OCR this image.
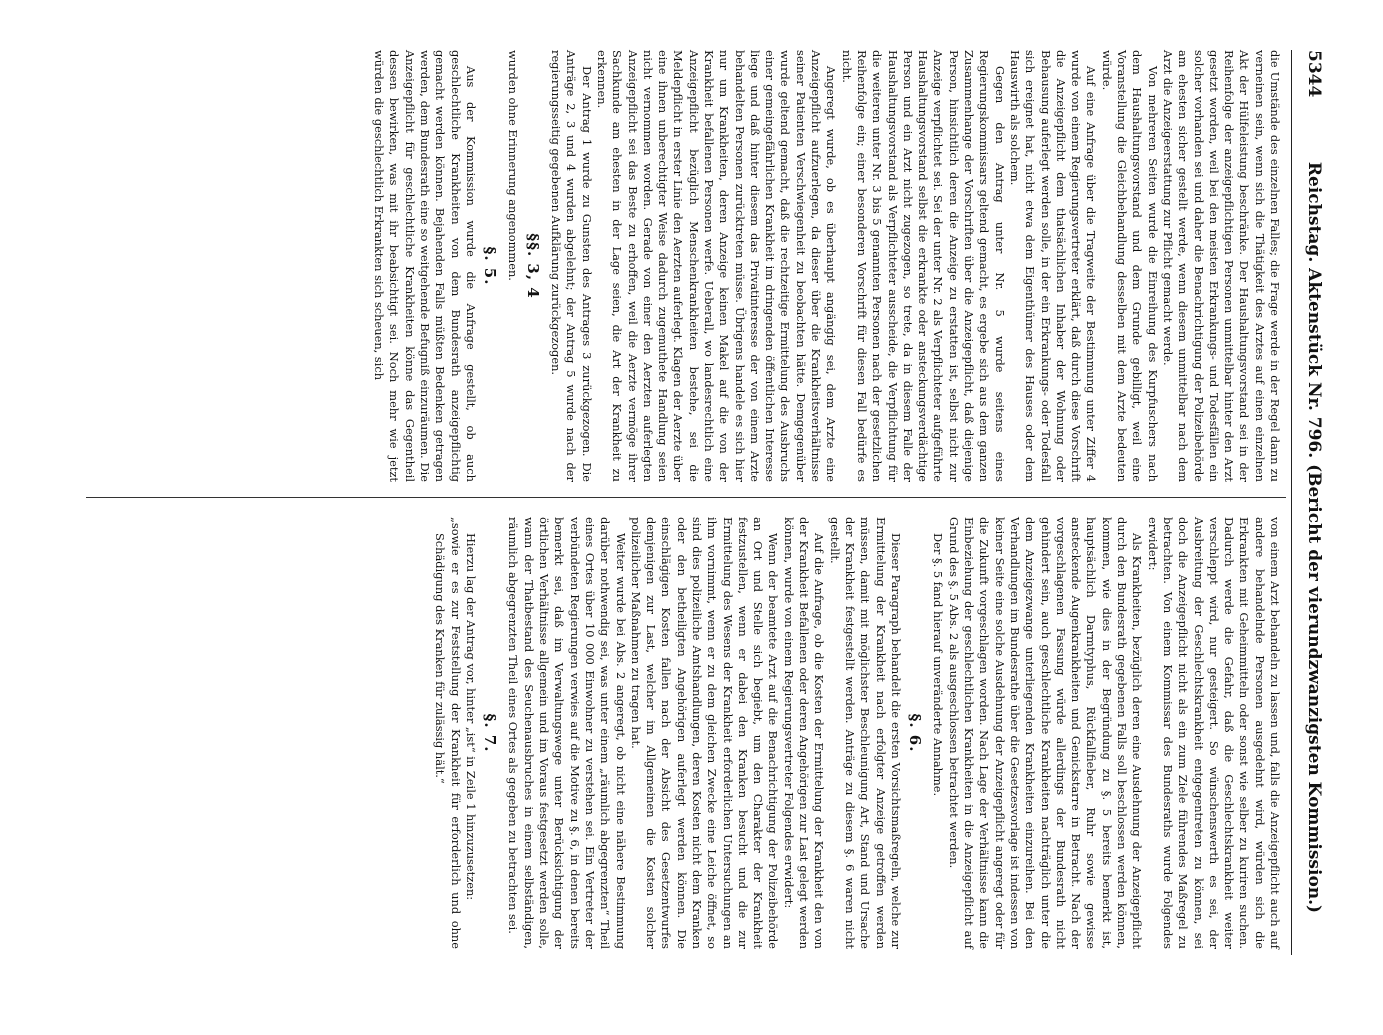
5344
Reichstag. Aktenstück Nr. 796. (Bericht der vierundzwanzigsten Kommission.)

die Umstände des einzelnen Falles; die Frage werde in der Regel dann zu verneinen sein, wenn sich die Thätigkeit des Arztes auf einen einzelnen Akt der Hülfeleistung beschränke. Der Haushaltungsvorstand sei in der Reihenfolge der anzeigepflichtigen Personen unmittelbar hinter den Arzt gesetzt worden, weil bei den meisten Erkrankungs- und Todesfällen ein solcher vorhanden sei und daher die Benachrichtigung der Polizeibehörde am ehesten sicher gestellt werde, wenn diesem unmittelbar nach dem Arzt die Anzeigeerstattung zur Pflicht gemacht werde.

Von mehreren Seiten wurde die Einreihung des Kurpfuschers nach dem Haushaltungsvorstand und dem Grunde gebilligt, weil eine Voranstellung die Gleichbehandlung desselben mit dem Arzte bedeuten würde.

Auf eine Anfrage über die Tragweite der Bestimmung unter Ziffer 4 wurde von einem Regierungsvertreter erklärt, daß durch diese Vorschrift die Anzeigepflicht dem thatsächlichen Inhaber der Wohnung oder Behausung auferlegt werden solle, in der ein Erkrankungs- oder Todesfall sich ereignet hat, nicht etwa dem Eigenthümer des Hauses oder dem Hauswirth als solchem.

Gegen den Antrag unter Nr. 5 wurde seitens eines Regierungskommissars geltend gemacht, es ergebe sich aus dem ganzen Zusammenhange der Vorschriften über die Anzeigepflicht, daß diejenige Person, hinsichtlich deren die Anzeige zu erstatten ist, selbst nicht zur Anzeige verpflichtet sei. Sei der unter Nr. 2 als Verpflichteter aufgeführte Haushaltungsvorstand selbst die erkrankte oder ansteckungsverdächtige Person und ein Arzt nicht zugezogen, so trete, da in diesem Falle der Haushaltungsvorstand als Verpflichteter ausscheide, die Verpflichtung für die weiteren unter Nr. 3 bis 5 genannten Personen nach der gesetzlichen Reihenfolge ein; einer besonderen Vorschrift für diesen Fall bedürfe es nicht.

Angeregt wurde, ob es überhaupt angängig sei, dem Arzte eine Anzeigepflicht aufzuerlegen, da dieser über die Krankheitsverhältnisse seiner Patienten Verschwiegenheit zu beobachten hätte. Demgegenüber wurde geltend gemacht, daß die rechtzeitige Ermittelung des Ausbruchs einer gemeingefährlichen Krankheit im dringenden öffentlichen Interesse liege und daß hinter diesem das Privatinteresse der von einem Arzte behandelten Personen zurücktreten müsse. Übrigens handele es sich hier nur um Krankheiten, deren Anzeige keinen Makel auf die von der Krankheit befallenen Personen werfe. Ueberall, wo landesrechtlich eine Anzeigepflicht bezüglich Menschenkrankheiten bestehe, sei die Meldepflicht in erster Linie den Aerzten auferlegt. Klagen der Aerzte über eine ihnen unberechtigter Weise dadurch zugemuthete Handlung seien nicht vernommen worden. Gerade von einer den Aerzten auferlegten Anzeigepflicht sei das Beste zu erhoffen, weil die Aerzte vermöge ihrer Sachkunde am ehesten in der Lage seien, die Art der Krankheit zu erkennen.

Der Antrag 1 wurde zu Gunsten des Antrages 3 zurückgezogen. Die Anträge 2, 3 und 4 wurden abgelehnt; der Antrag 5 wurde nach der regierungsseitig gegebenen Aufklärung zurückgezogen.

§§. 3, 4

wurden ohne Erinnerung angenommen.

§. 5.

Aus der Kommission wurde die Anfrage gestellt, ob auch geschlechtliche Krankheiten von dem Bundesrath anzeigepflichtig gemacht werden können. Bejahenden Falls müßten Bedenken getragen werden, dem Bundesrath eine so weitgehende Befugniß einzuräumen. Die Anzeigepflicht für geschlechtliche Krankheiten könne das Gegentheil dessen bewirken, was mit ihr beabsichtigt sei. Noch mehr wie jetzt würden die geschlechtlich Erkrankten sich scheuen, sich

von einem Arzt behandeln zu lassen und, falls die Anzeigepflicht auch auf andere behandelnde Personen ausgedehnt wird, würden sich die Erkrankten mit Geheimmitteln oder sonst wie selber zu kuriren suchen. Dadurch werde die Gefahr, daß die Geschlechtskrankheit weiter verschleppt wird, nur gesteigert. So wünschenswerth es sei, der Ausbreitung der Geschlechtskrankheit entgegentreten zu können, sei doch die Anzeigepflicht nicht als ein zum Ziele führendes Maßregel zu betrachten. Von einem Kommissar des Bundesraths wurde Folgendes erwidert:

Als Krankheiten, bezüglich deren eine Ausdehnung der Anzeigepflicht durch den Bundesrath gegebenen Falls soll beschlossen werden können, kommen, wie dies in der Begründung zu §. 5 bereits bemerkt ist, hauptsächlich Darmtyphus, Rückfallfieber, Ruhr sowie gewisse ansteckende Augenkrankheiten und Genickstarre in Betracht. Nach der vorgeschlagenen Fassung würde allerdings der Bundesrath nicht gehindert sein, auch geschlechtliche Krankheiten nachträglich unter die dem Anzeigezwange unterliegenden Krankheiten einzureihen. Bei den Verhandlungen im Bundesrathe über die Gesetzesvorlage ist indessen von keiner Seite eine solche Ausdehnung der Anzeigepflicht angeregt oder für die Zukunft vorgeschlagen worden. Nach Lage der Verhältnisse kann die Einbeziehung der geschlechtlichen Krankheiten in die Anzeigepflicht auf Grund des §. 5 Abs. 2 als ausgeschlossen betrachtet werden.

Der §. 5 fand hierauf unveränderte Annahme.

§. 6.

Dieser Paragraph behandelt die ersten Vorsichtsmaßregeln, welche zur Ermittelung der Krankheit nach erfolgter Anzeige getroffen werden müssen, damit mit möglichster Beschleunigung Art, Stand und Ursache der Krankheit festgestellt werden. Anträge zu diesem §. 6 waren nicht gestellt.

Auf die Anfrage, ob die Kosten der Ermittelung der Krankheit den von der Krankheit Befallenen oder deren Angehörigen zur Last gelegt werden können, wurde von einem Regierungsvertreter Folgendes erwidert:

Wenn der beamtete Arzt auf die Benachrichtigung der Polizeibehörde an Ort und Stelle sich begiebt, um den Charakter der Krankheit festzustellen, wenn er dabei den Kranken besucht und die zur Ermittelung des Wesens der Krankheit erforderlichen Untersuchungen an ihm vornimmt, wenn er zu dem gleichen Zwecke eine Leiche öffnet, so sind dies polizeiliche Amtshandlungen, deren Kosten nicht dem Kranken oder den betheiligten Angehörigen auferlegt werden können. Die einschlägigen Kosten fallen nach der Absicht des Gesetzentwurfes demjenigen zur Last, welcher im Allgemeinen die Kosten solcher polizeilicher Maßnahmen zu tragen hat.

Weiter wurde bei Abs. 2 angeregt, ob nicht eine nähere Bestimmung darüber nothwendig sei, was unter einem „räumlich abgegrenzten“ Theil eines Ortes über 10 000 Einwohner zu verstehen sei. Ein Vertreter der verbündeten Regierungen verwies auf die Motive zu §. 6, in denen bereits bemerkt sei, daß im Verwaltungswege unter Berücksichtigung der örtlichen Verhältnisse allgemein und im Voraus festgesetzt werden solle, wann der Thatbestand des Seuchenausbruches in einem selbständigen, räumlich abgegrenzten Theil eines Ortes als gegeben zu betrachten sei.

§. 7.

Hierzu lag der Antrag vor, hinter „ist“ in Zeile 1 hinzuzusetzen:

„sowie er es zur Feststellung der Krankheit für erforderlich und ohne Schädigung des Kranken für zulässig hält.“
